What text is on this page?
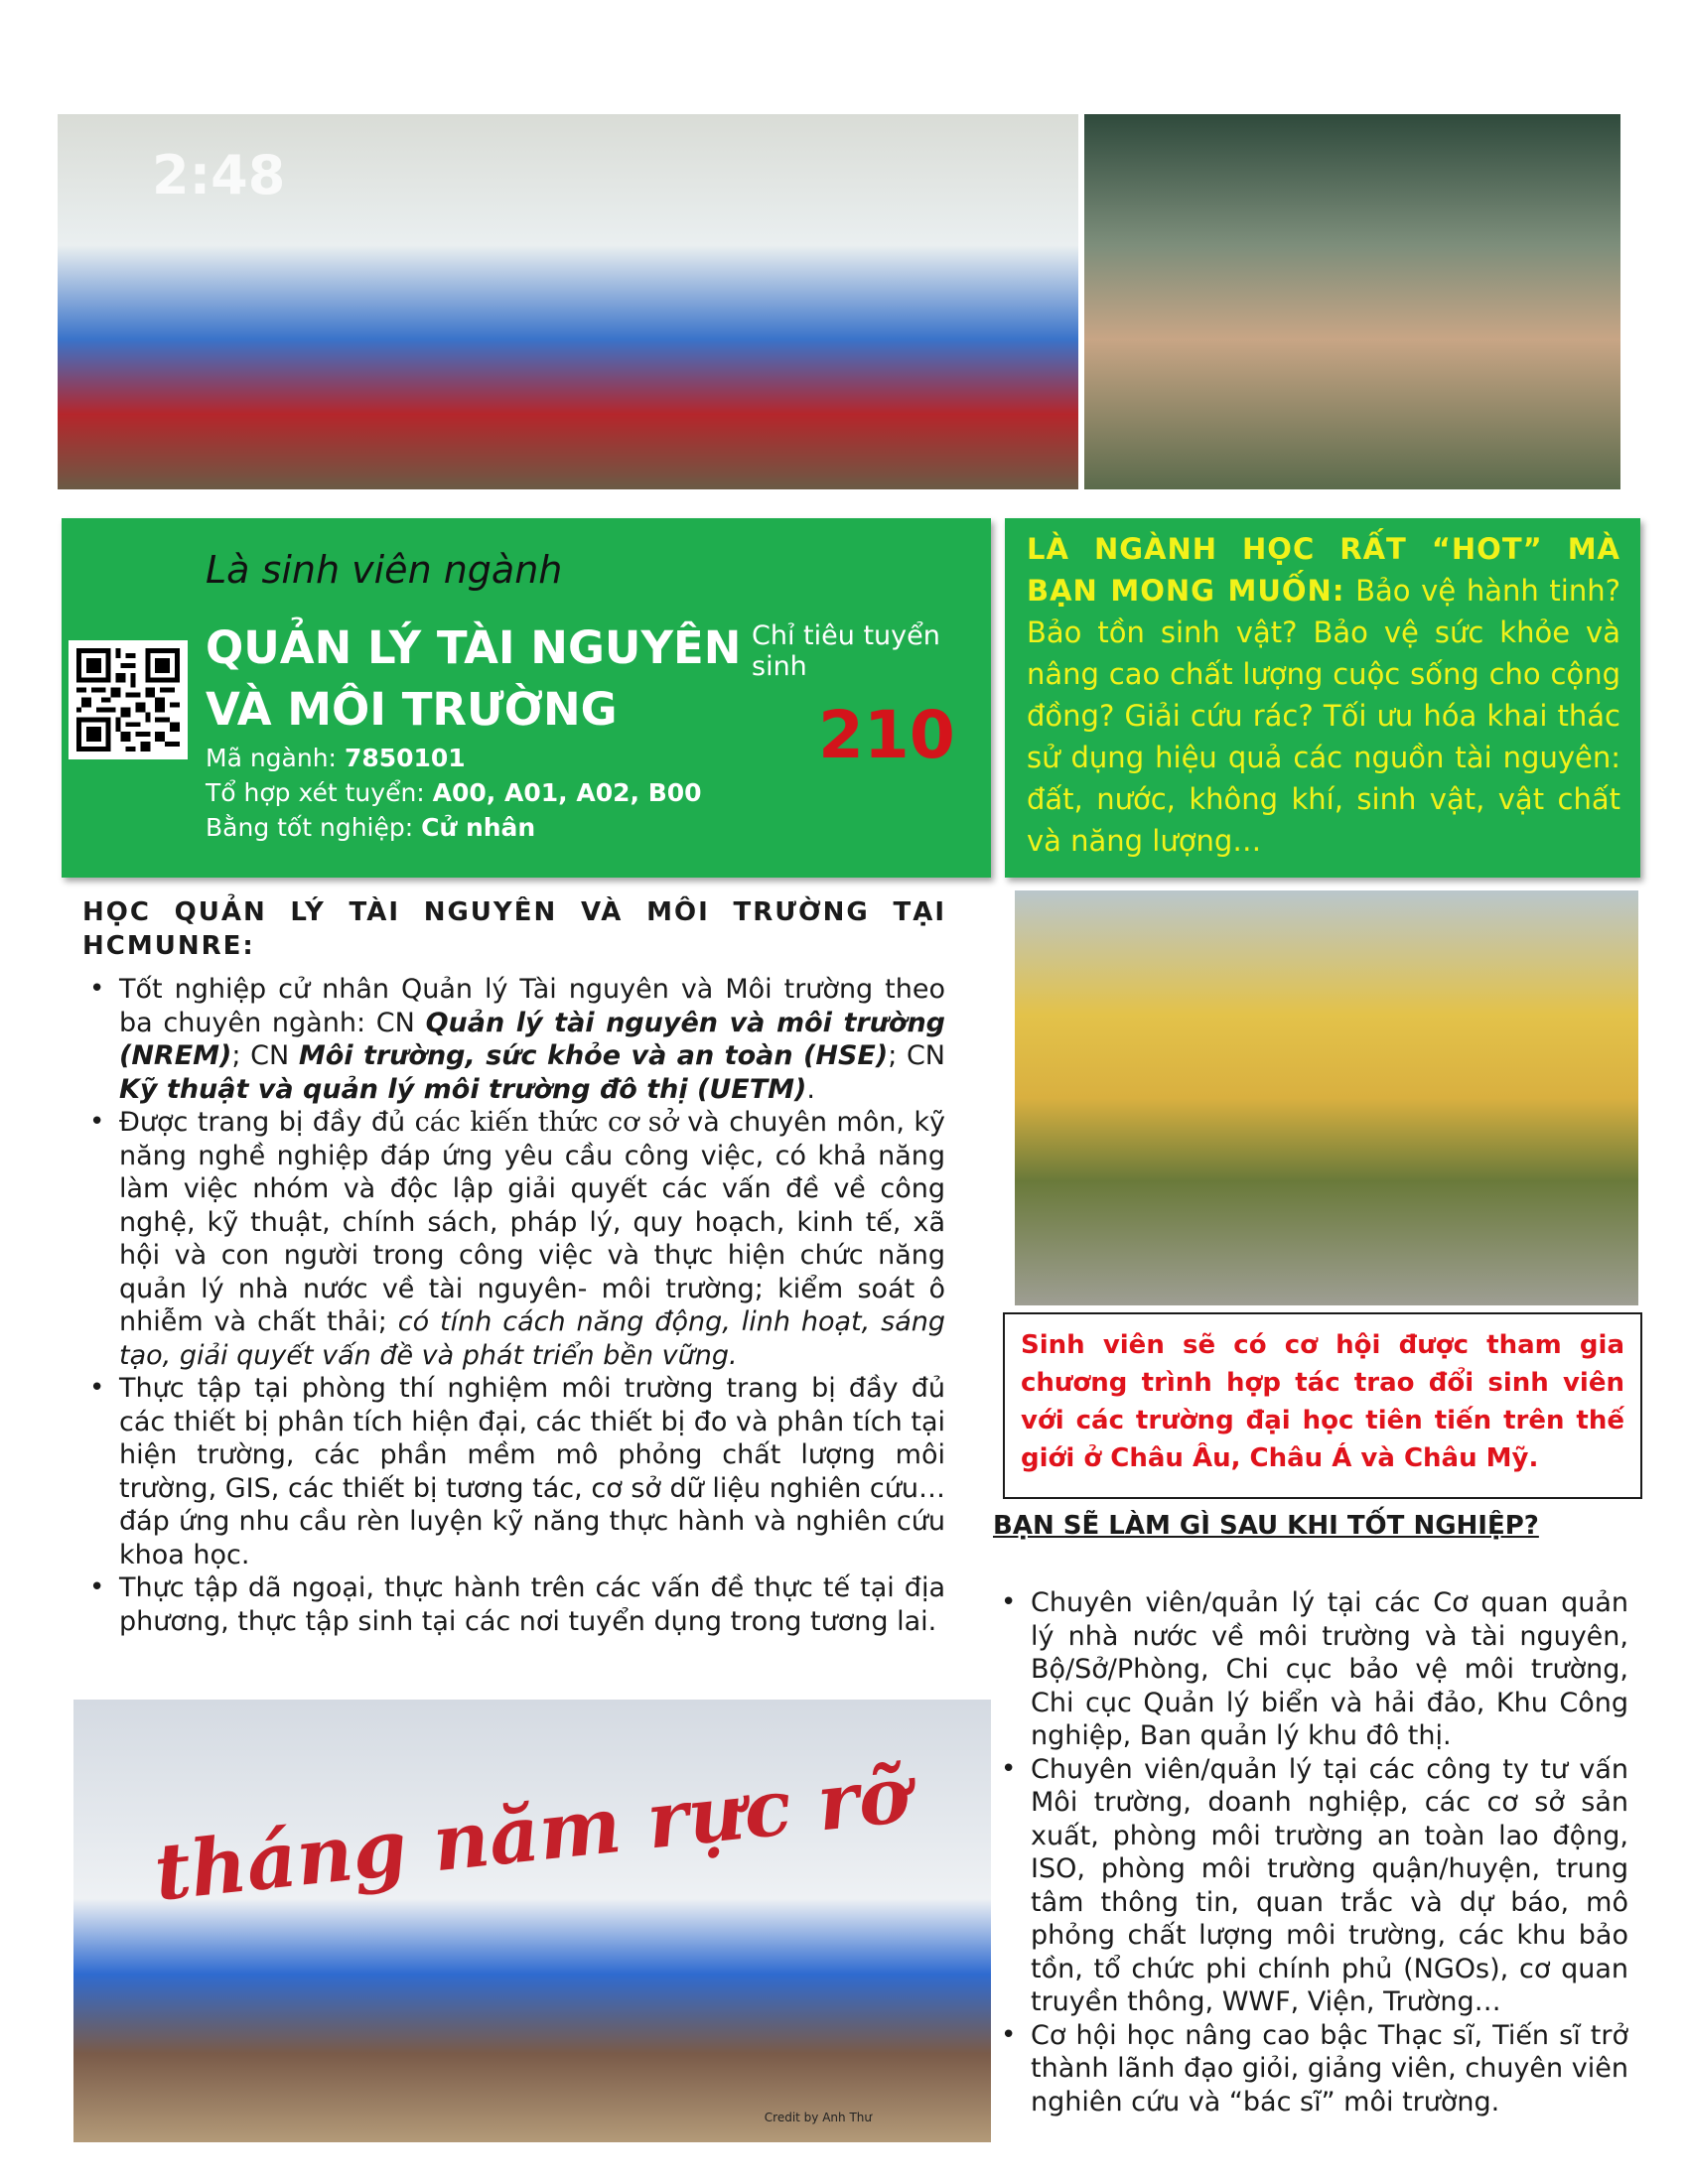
2:48
Là sinh viên ngành
QUẢN LÝ TÀI NGUYÊN
VÀ MÔI TRƯỜNG
Chỉ tiêu tuyển sinh
210
Mã ngành: 7850101
Tổ hợp xét tuyển: A00, A01, A02, B00
Bằng tốt nghiệp: Cử nhân
LÀ NGÀNH HỌC RẤT “HOT” MÀ BẠN MONG MUỐN: Bảo vệ hành tinh? Bảo tồn sinh vật? Bảo vệ sức khỏe và nâng cao chất lượng cuộc sống cho cộng đồng? Giải cứu rác? Tối ưu hóa khai thác sử dụng hiệu quả các nguồn tài nguyên: đất, nước, không khí, sinh vật, vật chất và năng lượng…
HỌC QUẢN LÝ TÀI NGUYÊN VÀ MÔI TRƯỜNG TẠI HCMUNRE:
• Tốt nghiệp cử nhân Quản lý Tài nguyên và Môi trường theo ba chuyên ngành: CN Quản lý tài nguyên và môi trường (NREM); CN Môi trường, sức khỏe và an toàn (HSE); CN Kỹ thuật và quản lý môi trường đô thị (UETM).
• Được trang bị đầy đủ các kiến thức cơ sở và chuyên môn, kỹ năng nghề nghiệp đáp ứng yêu cầu công việc, có khả năng làm việc nhóm và độc lập giải quyết các vấn đề về công nghệ, kỹ thuật, chính sách, pháp lý, quy hoạch, kinh tế, xã hội và con người trong công việc và thực hiện chức năng quản lý nhà nước về tài nguyên- môi trường; kiểm soát ô nhiễm và chất thải; có tính cách năng động, linh hoạt, sáng tạo, giải quyết vấn đề và phát triển bền vững.
• Thực tập tại phòng thí nghiệm môi trường trang bị đầy đủ các thiết bị phân tích hiện đại, các thiết bị đo và phân tích tại hiện trường, các phần mềm mô phỏng chất lượng môi trường, GIS, các thiết bị tương tác, cơ sở dữ liệu nghiên cứu… đáp ứng nhu cầu rèn luyện kỹ năng thực hành và nghiên cứu khoa học.
• Thực tập dã ngoại, thực hành trên các vấn đề thực tế tại địa phương, thực tập sinh tại các nơi tuyển dụng trong tương lai.
Sinh viên sẽ có cơ hội được tham gia chương trình hợp tác trao đổi sinh viên với các trường đại học tiên tiến trên thế giới ở Châu Âu, Châu Á và Châu Mỹ.
BẠN SẼ LÀM GÌ SAU KHI TỐT NGHIỆP?
• Chuyên viên/quản lý tại các Cơ quan quản lý nhà nước về môi trường và tài nguyên, Bộ/Sở/Phòng, Chi cục bảo vệ môi trường, Chi cục Quản lý biển và hải đảo, Khu Công nghiệp, Ban quản lý khu đô thị.
• Chuyên viên/quản lý tại các công ty tư vấn Môi trường, doanh nghiệp, các cơ sở sản xuất, phòng môi trường an toàn lao động, ISO, phòng môi trường quận/huyện, trung tâm thông tin, quan trắc và dự báo, mô phỏng chất lượng môi trường, các khu bảo tồn, tổ chức phi chính phủ (NGOs), cơ quan truyền thông, WWF, Viện, Trường…
• Cơ hội học nâng cao bậc Thạc sĩ, Tiến sĩ trở thành lãnh đạo giỏi, giảng viên, chuyên viên nghiên cứu và “bác sĩ” môi trường.
tháng năm rực rỡ
Credit by Anh Thư
